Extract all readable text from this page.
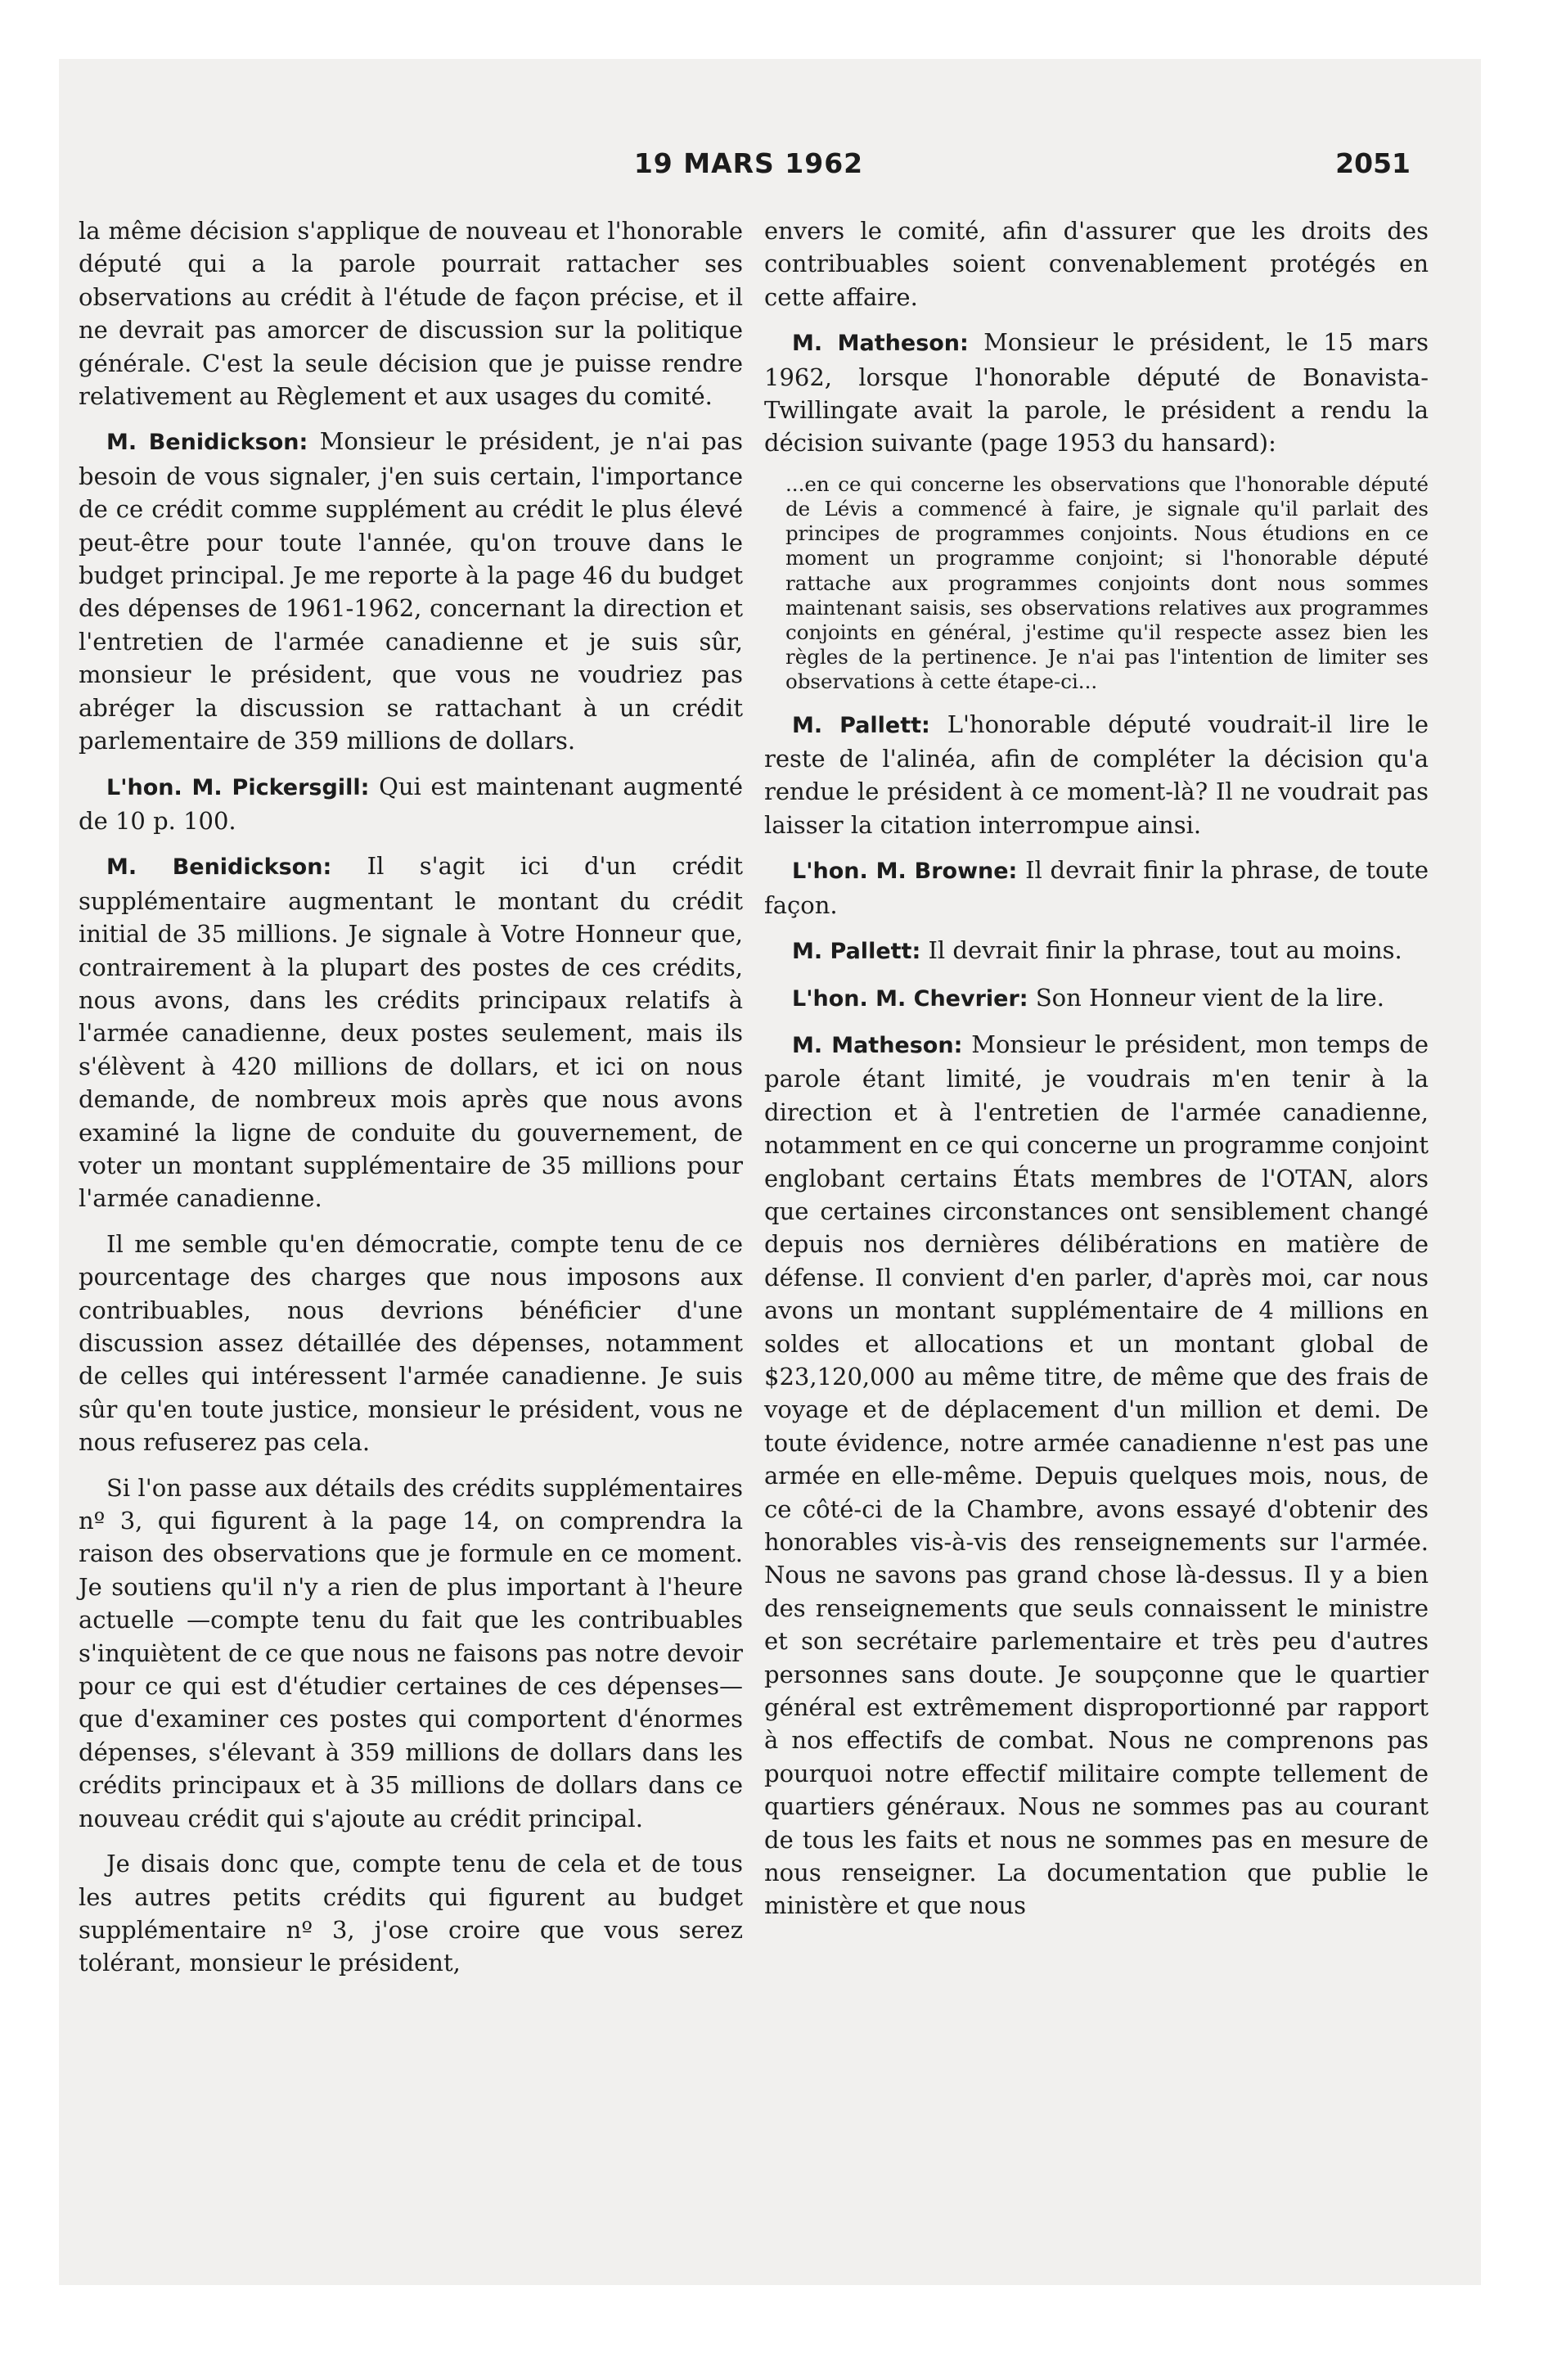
19 MARS 1962	2051

la même décision s'applique de nouveau et l'honorable député qui a la parole pourrait rattacher ses observations au crédit à l'étude de façon précise, et il ne devrait pas amorcer de discussion sur la politique générale. C'est la seule décision que je puisse rendre relativement au Règlement et aux usages du comité.

M. Benidickson: Monsieur le président, je n'ai pas besoin de vous signaler, j'en suis certain, l'importance de ce crédit comme supplément au crédit le plus élevé peut-être pour toute l'année, qu'on trouve dans le budget principal. Je me reporte à la page 46 du budget des dépenses de 1961-1962, concernant la direction et l'entretien de l'armée canadienne et je suis sûr, monsieur le président, que vous ne voudriez pas abréger la discussion se rattachant à un crédit parlementaire de 359 millions de dollars.

L'hon. M. Pickersgill: Qui est maintenant augmenté de 10 p. 100.

M. Benidickson: Il s'agit ici d'un crédit supplémentaire augmentant le montant du crédit initial de 35 millions. Je signale à Votre Honneur que, contrairement à la plupart des postes de ces crédits, nous avons, dans les crédits principaux relatifs à l'armée canadienne, deux postes seulement, mais ils s'élèvent à 420 millions de dollars, et ici on nous demande, de nombreux mois après que nous avons examiné la ligne de conduite du gouvernement, de voter un montant supplémentaire de 35 millions pour l'armée canadienne.

Il me semble qu'en démocratie, compte tenu de ce pourcentage des charges que nous imposons aux contribuables, nous devrions bénéficier d'une discussion assez détaillée des dépenses, notamment de celles qui intéressent l'armée canadienne. Je suis sûr qu'en toute justice, monsieur le président, vous ne nous refuserez pas cela.

Si l'on passe aux détails des crédits supplémentaires nº 3, qui figurent à la page 14, on comprendra la raison des observations que je formule en ce moment. Je soutiens qu'il n'y a rien de plus important à l'heure actuelle —compte tenu du fait que les contribuables s'inquiètent de ce que nous ne faisons pas notre devoir pour ce qui est d'étudier certaines de ces dépenses—que d'examiner ces postes qui comportent d'énormes dépenses, s'élevant à 359 millions de dollars dans les crédits principaux et à 35 millions de dollars dans ce nouveau crédit qui s'ajoute au crédit principal.

Je disais donc que, compte tenu de cela et de tous les autres petits crédits qui figurent au budget supplémentaire nº 3, j'ose croire que vous serez tolérant, monsieur le président,

envers le comité, afin d'assurer que les droits des contribuables soient convenablement protégés en cette affaire.

M. Matheson: Monsieur le président, le 15 mars 1962, lorsque l'honorable député de Bonavista-Twillingate avait la parole, le président a rendu la décision suivante (page 1953 du hansard):

...en ce qui concerne les observations que l'honorable député de Lévis a commencé à faire, je signale qu'il parlait des principes de programmes conjoints. Nous étudions en ce moment un programme conjoint; si l'honorable député rattache aux programmes conjoints dont nous sommes maintenant saisis, ses observations relatives aux programmes conjoints en général, j'estime qu'il respecte assez bien les règles de la pertinence. Je n'ai pas l'intention de limiter ses observations à cette étape-ci...

M. Pallett: L'honorable député voudrait-il lire le reste de l'alinéa, afin de compléter la décision qu'a rendue le président à ce moment-là? Il ne voudrait pas laisser la citation interrompue ainsi.

L'hon. M. Browne: Il devrait finir la phrase, de toute façon.

M. Pallett: Il devrait finir la phrase, tout au moins.

L'hon. M. Chevrier: Son Honneur vient de la lire.

M. Matheson: Monsieur le président, mon temps de parole étant limité, je voudrais m'en tenir à la direction et à l'entretien de l'armée canadienne, notamment en ce qui concerne un programme conjoint englobant certains États membres de l'OTAN, alors que certaines circonstances ont sensiblement changé depuis nos dernières délibérations en matière de défense. Il convient d'en parler, d'après moi, car nous avons un montant supplémentaire de 4 millions en soldes et allocations et un montant global de $23,120,000 au même titre, de même que des frais de voyage et de déplacement d'un million et demi. De toute évidence, notre armée canadienne n'est pas une armée en elle-même. Depuis quelques mois, nous, de ce côté-ci de la Chambre, avons essayé d'obtenir des honorables vis-à-vis des renseignements sur l'armée. Nous ne savons pas grand chose là-dessus. Il y a bien des renseignements que seuls connaissent le ministre et son secrétaire parlementaire et très peu d'autres personnes sans doute. Je soupçonne que le quartier général est extrêmement disproportionné par rapport à nos effectifs de combat. Nous ne comprenons pas pourquoi notre effectif militaire compte tellement de quartiers généraux. Nous ne sommes pas au courant de tous les faits et nous ne sommes pas en mesure de nous renseigner. La documentation que publie le ministère et que nous
